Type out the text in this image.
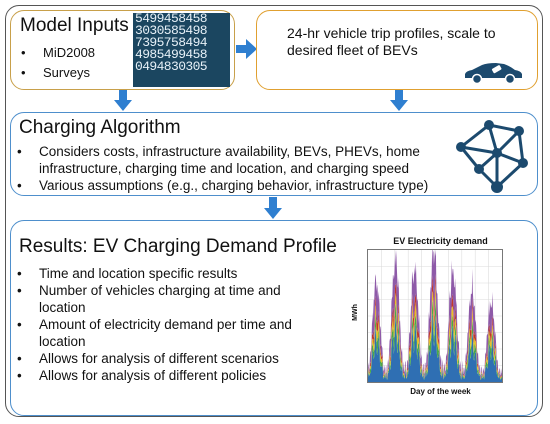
Model Inputs
• MiD2008
• Surveys
5499458458
3030585498
7395758494
4985499458
0494830305
24-hr vehicle trip profiles, scale to
desired fleet of BEVs
Charging Algorithm
• Considers costs, infrastructure availability, BEVs, PHEVs, home
infrastructure, charging time and location, and charging speed
• Various assumptions (e.g., charging behavior, infrastructure type)
Results: EV Charging Demand Profile
• Time and location specific results
• Number of vehicles charging at time and location
• Amount of electricity demand per time and location
• Allows for analysis of different scenarios
• Allows for analysis of different policies
EV Electricity demand
MWh
Day of the week
